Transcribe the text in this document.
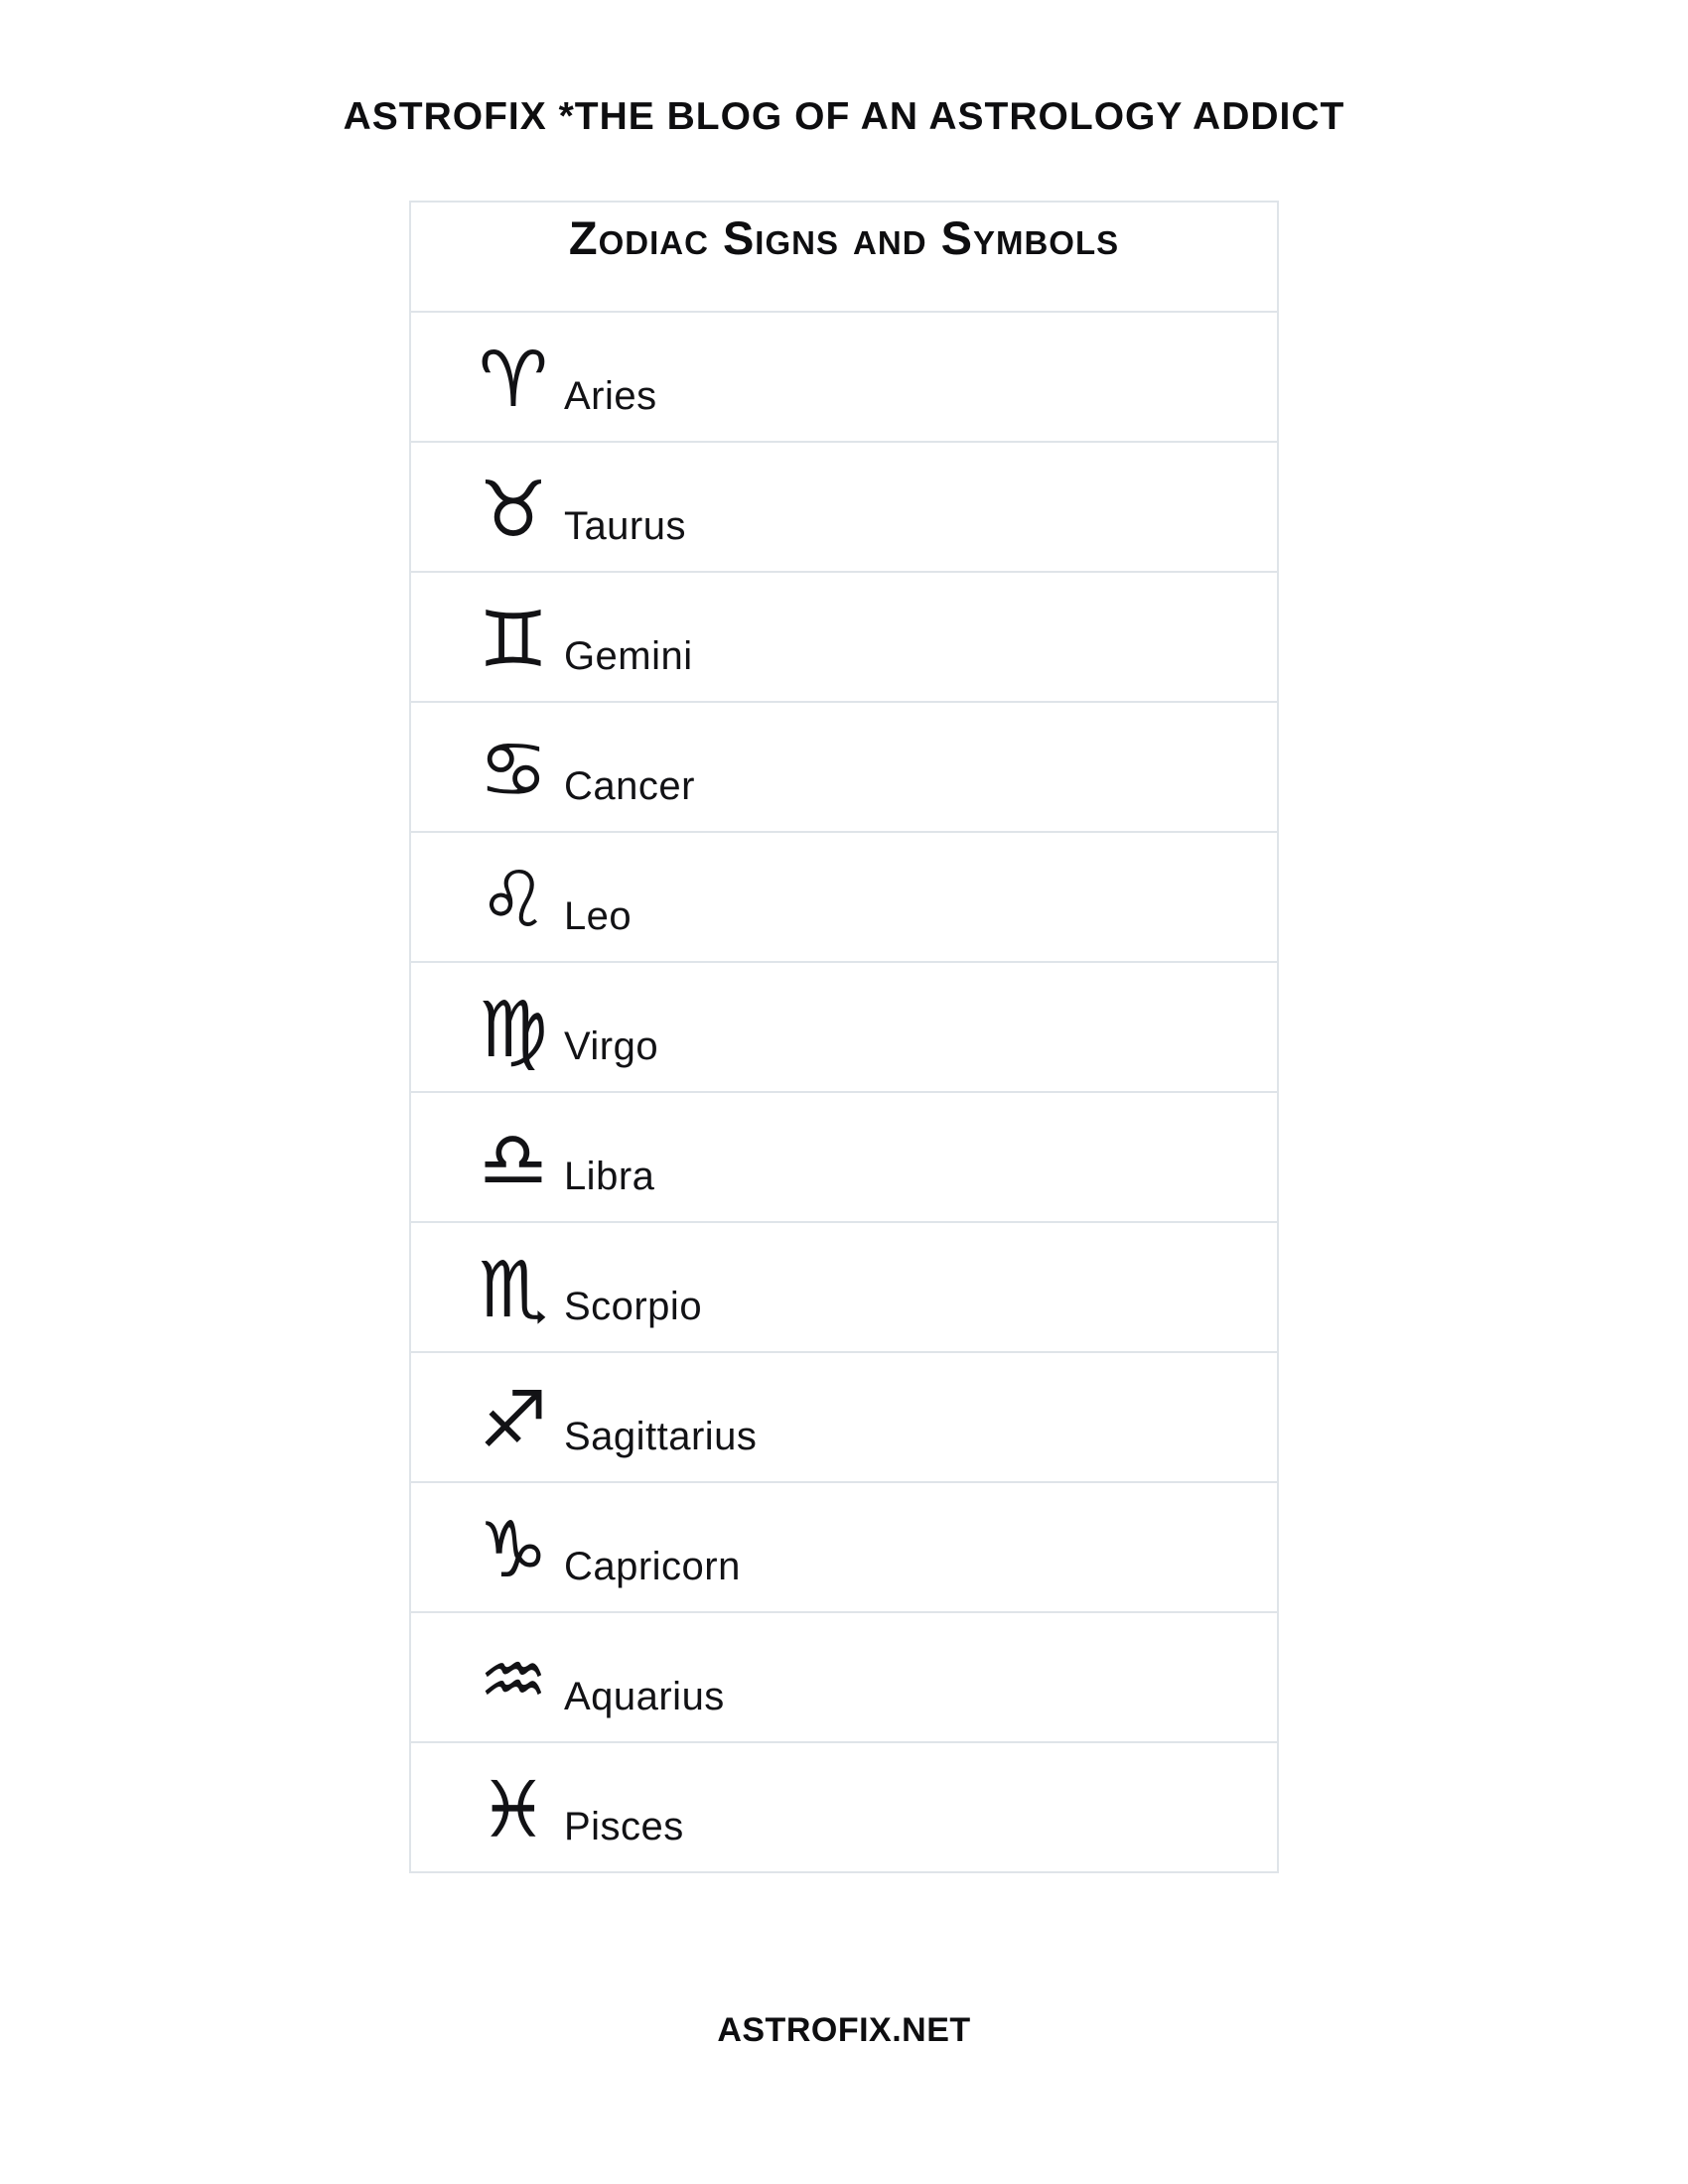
ASTROFIX *THE BLOG OF AN ASTROLOGY ADDICT
Zodiac Signs and Symbols

♈ Aries

♉ Taurus

♊ Gemini

♋ Cancer

♌ Leo

♍ Virgo

♎ Libra

♏ Scorpio

♐ Sagittarius

♑ Capricorn

♒ Aquarius

♓ Pisces
ASTROFIX.NET
